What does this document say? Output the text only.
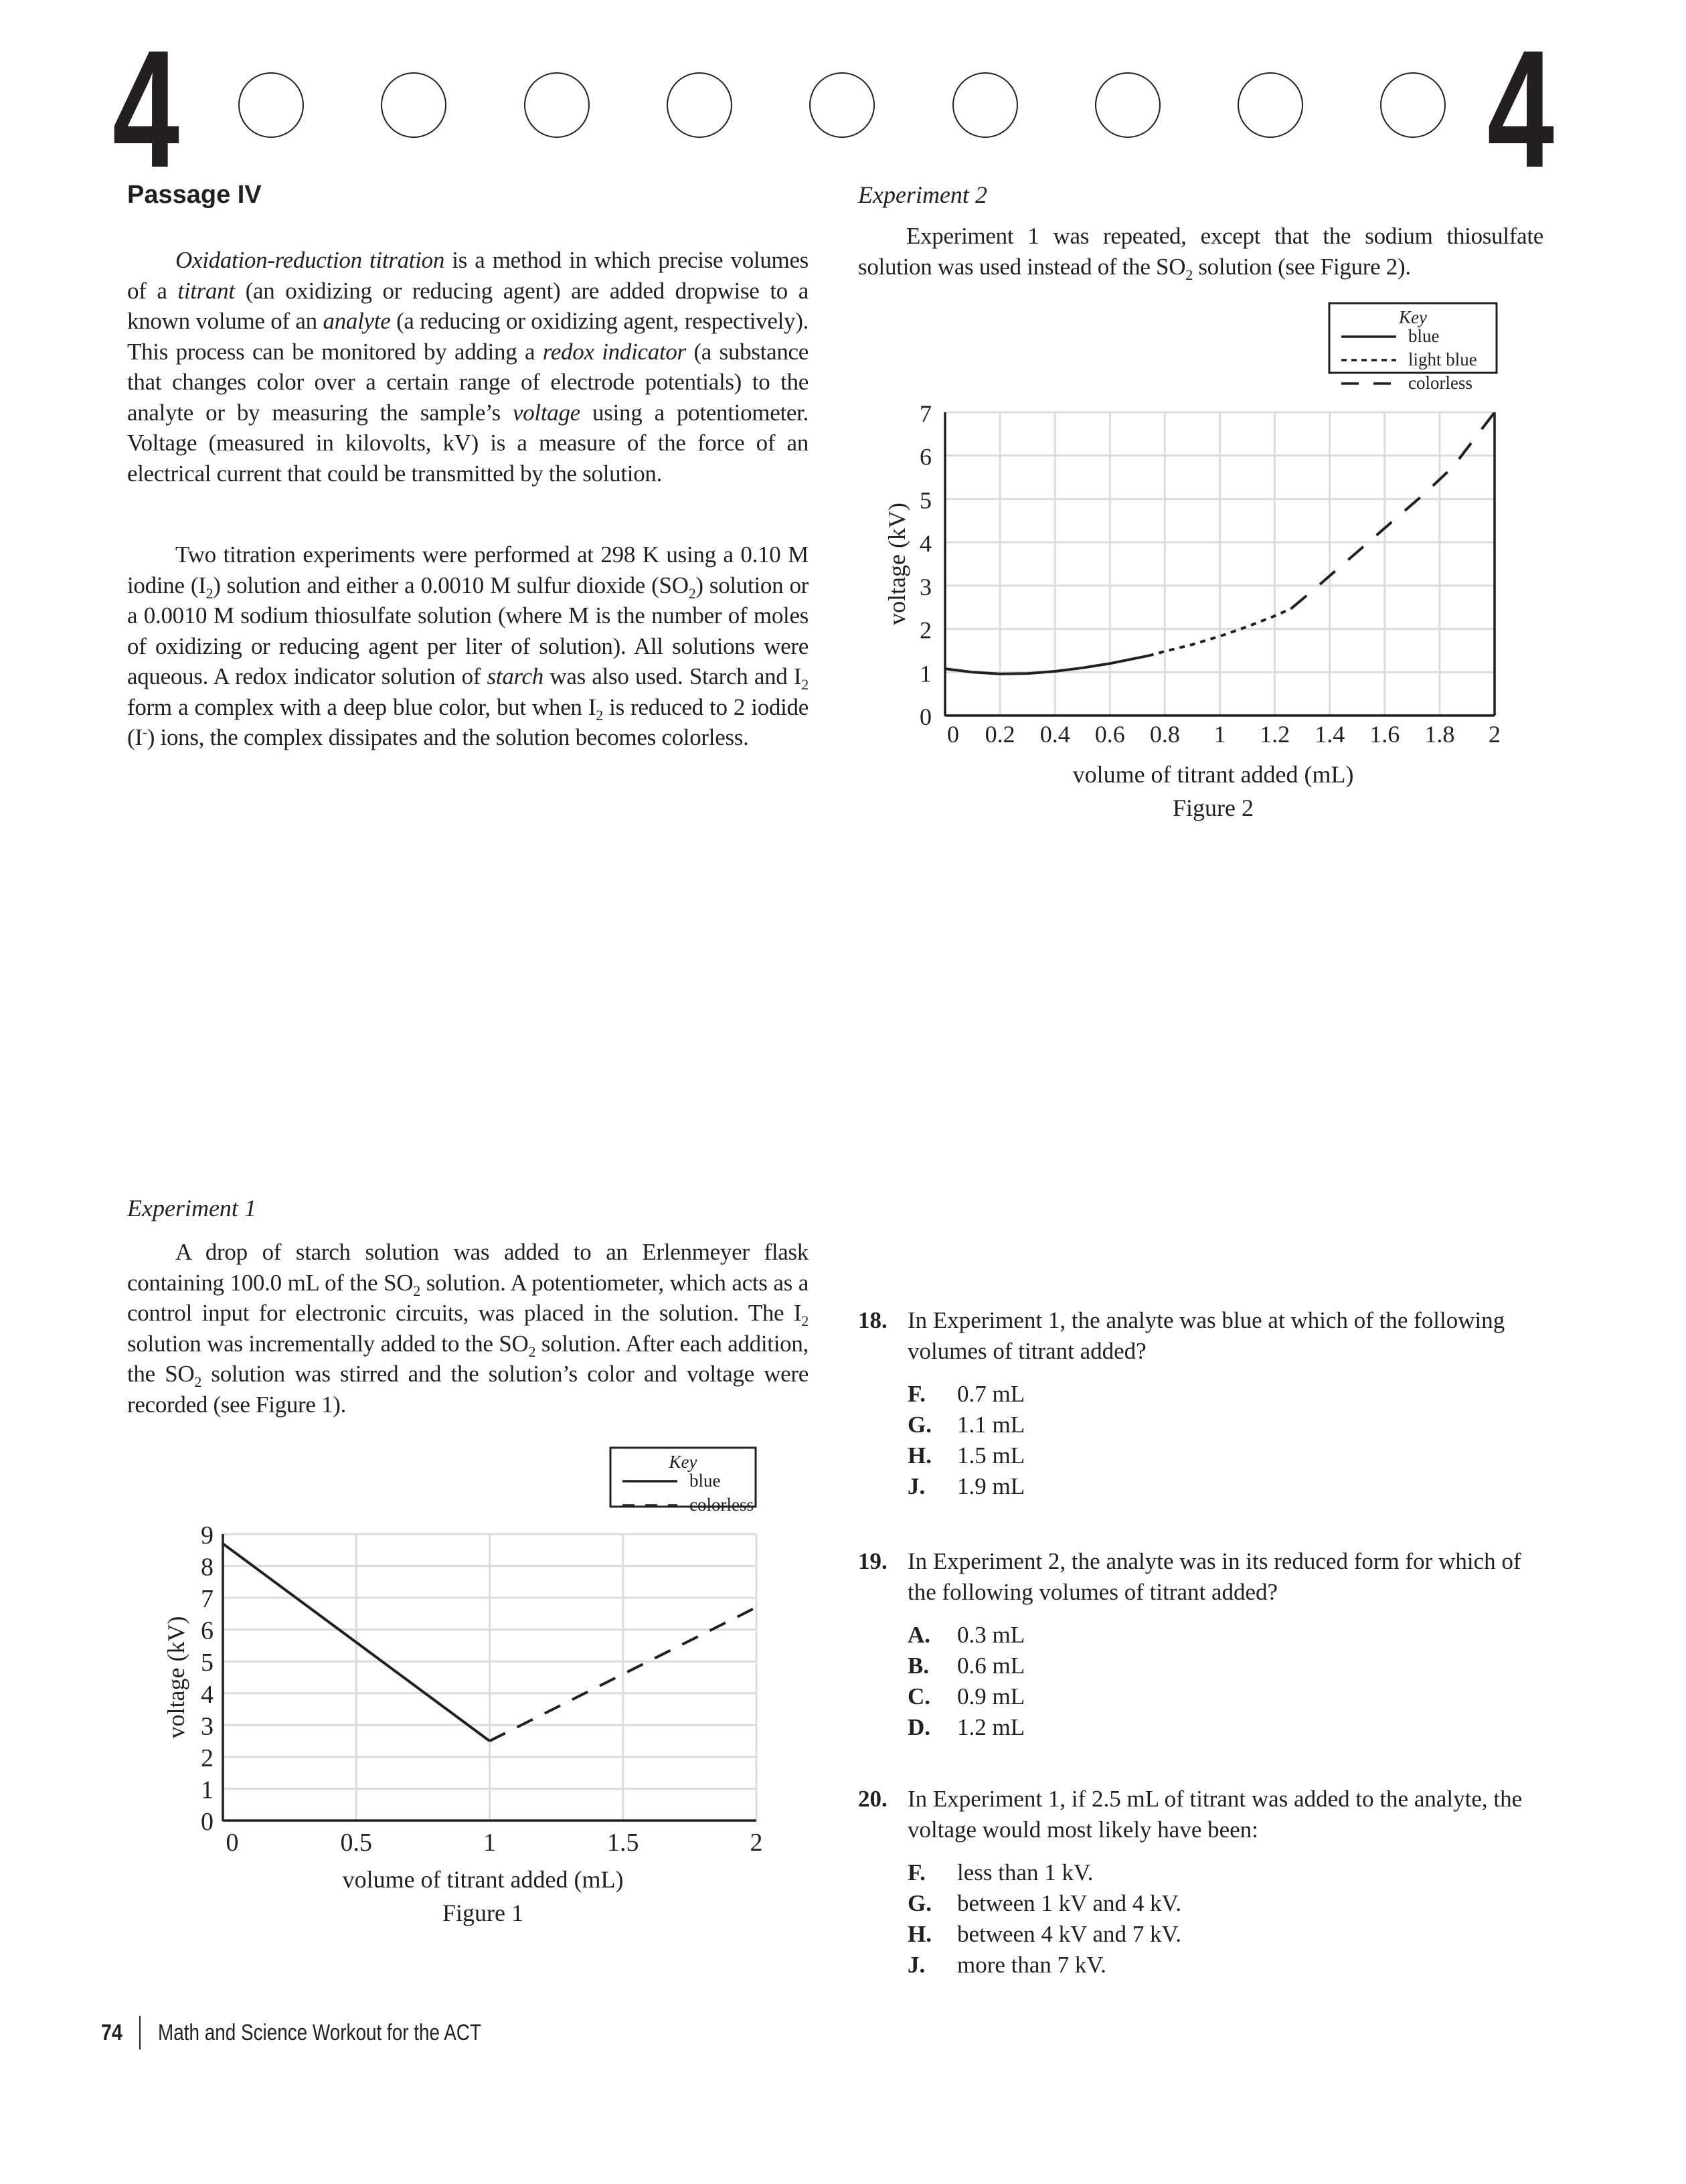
4	4
Passage IV
Oxidation-reduction titration is a method in which precise volumes of a titrant (an oxidizing or reducing agent) are added dropwise to a known volume of an analyte (a reducing or oxidizing agent, respectively). This process can be monitored by adding a redox indicator (a substance that changes color over a certain range of electrode potentials) to the analyte or by measuring the sample’s voltage using a potentiometer. Voltage (measured in kilovolts, kV) is a measure of the force of an electrical current that could be transmitted by the solution.
Two titration experiments were performed at 298 K using a 0.10 M iodine $(I_2)$ solution and either a 0.0010 M sulfur dioxide $(SO_2)$ solution or a 0.0010 M sodium thiosulfate solution (where M is the number of moles of oxidizing or reducing agent per liter of solution). All solutions were aqueous. A redox indicator solution of starch was also used. Starch and $I_2$ form a complex with a deep blue color, but when $I_2$ is reduced to 2 iodide (I-) ions, the complex dissipates and the solution becomes colorless.
Experiment 1
A drop of starch solution was added to an Erlenmeyer flask containing 100.0 mL of the $SO_2$ solution. A potentiometer, which acts as a control input for electronic circuits, was placed in the solution. The $I_2$ solution was incrementally added to the $SO_2$ solution. After each addition, the $SO_2$ solution was stirred and the solution’s color and voltage were recorded (see Figure 1).
0
1
2
3
4
5
6
7
8
9
0	0.5	1	1.5	2
voltage (kV)
volume of titrant added (mL)
Figure 1
Key
blue
colorless
0
1
2
3
4
5
6
7
0 0.2 0.4 0.6 0.8 1 1.2 1.4 1.6 1.8 2
voltage (kV)
volume of titrant added (mL)
Figure 2
Key
blue
light blue
colorless
Experiment 2
Experiment 1 was repeated, except that the sodium thiosulfate solution was used instead of the $SO_2$ solution (see Figure 2).
18. In Experiment 1, the analyte was blue at which of the following volumes of titrant added?
F.	0.7 mL
G.	1.1 mL
H.	1.5 mL
J.	1.9 mL
19. In Experiment 2, the analyte was in its reduced form for which of the following volumes of titrant added?
A.	0.3 mL
B.	0.6 mL
C.	0.9 mL
D.	1.2 mL
20. In Experiment 1, if 2.5 mL of titrant was added to the analyte, the voltage would most likely have been:
F.	less than 1 kV.
G.	between 1 kV and 4 kV.
H.	between 4 kV and 7 kV.
J.	more than 7 kV.
74 Math and Science Workout for the ACT
